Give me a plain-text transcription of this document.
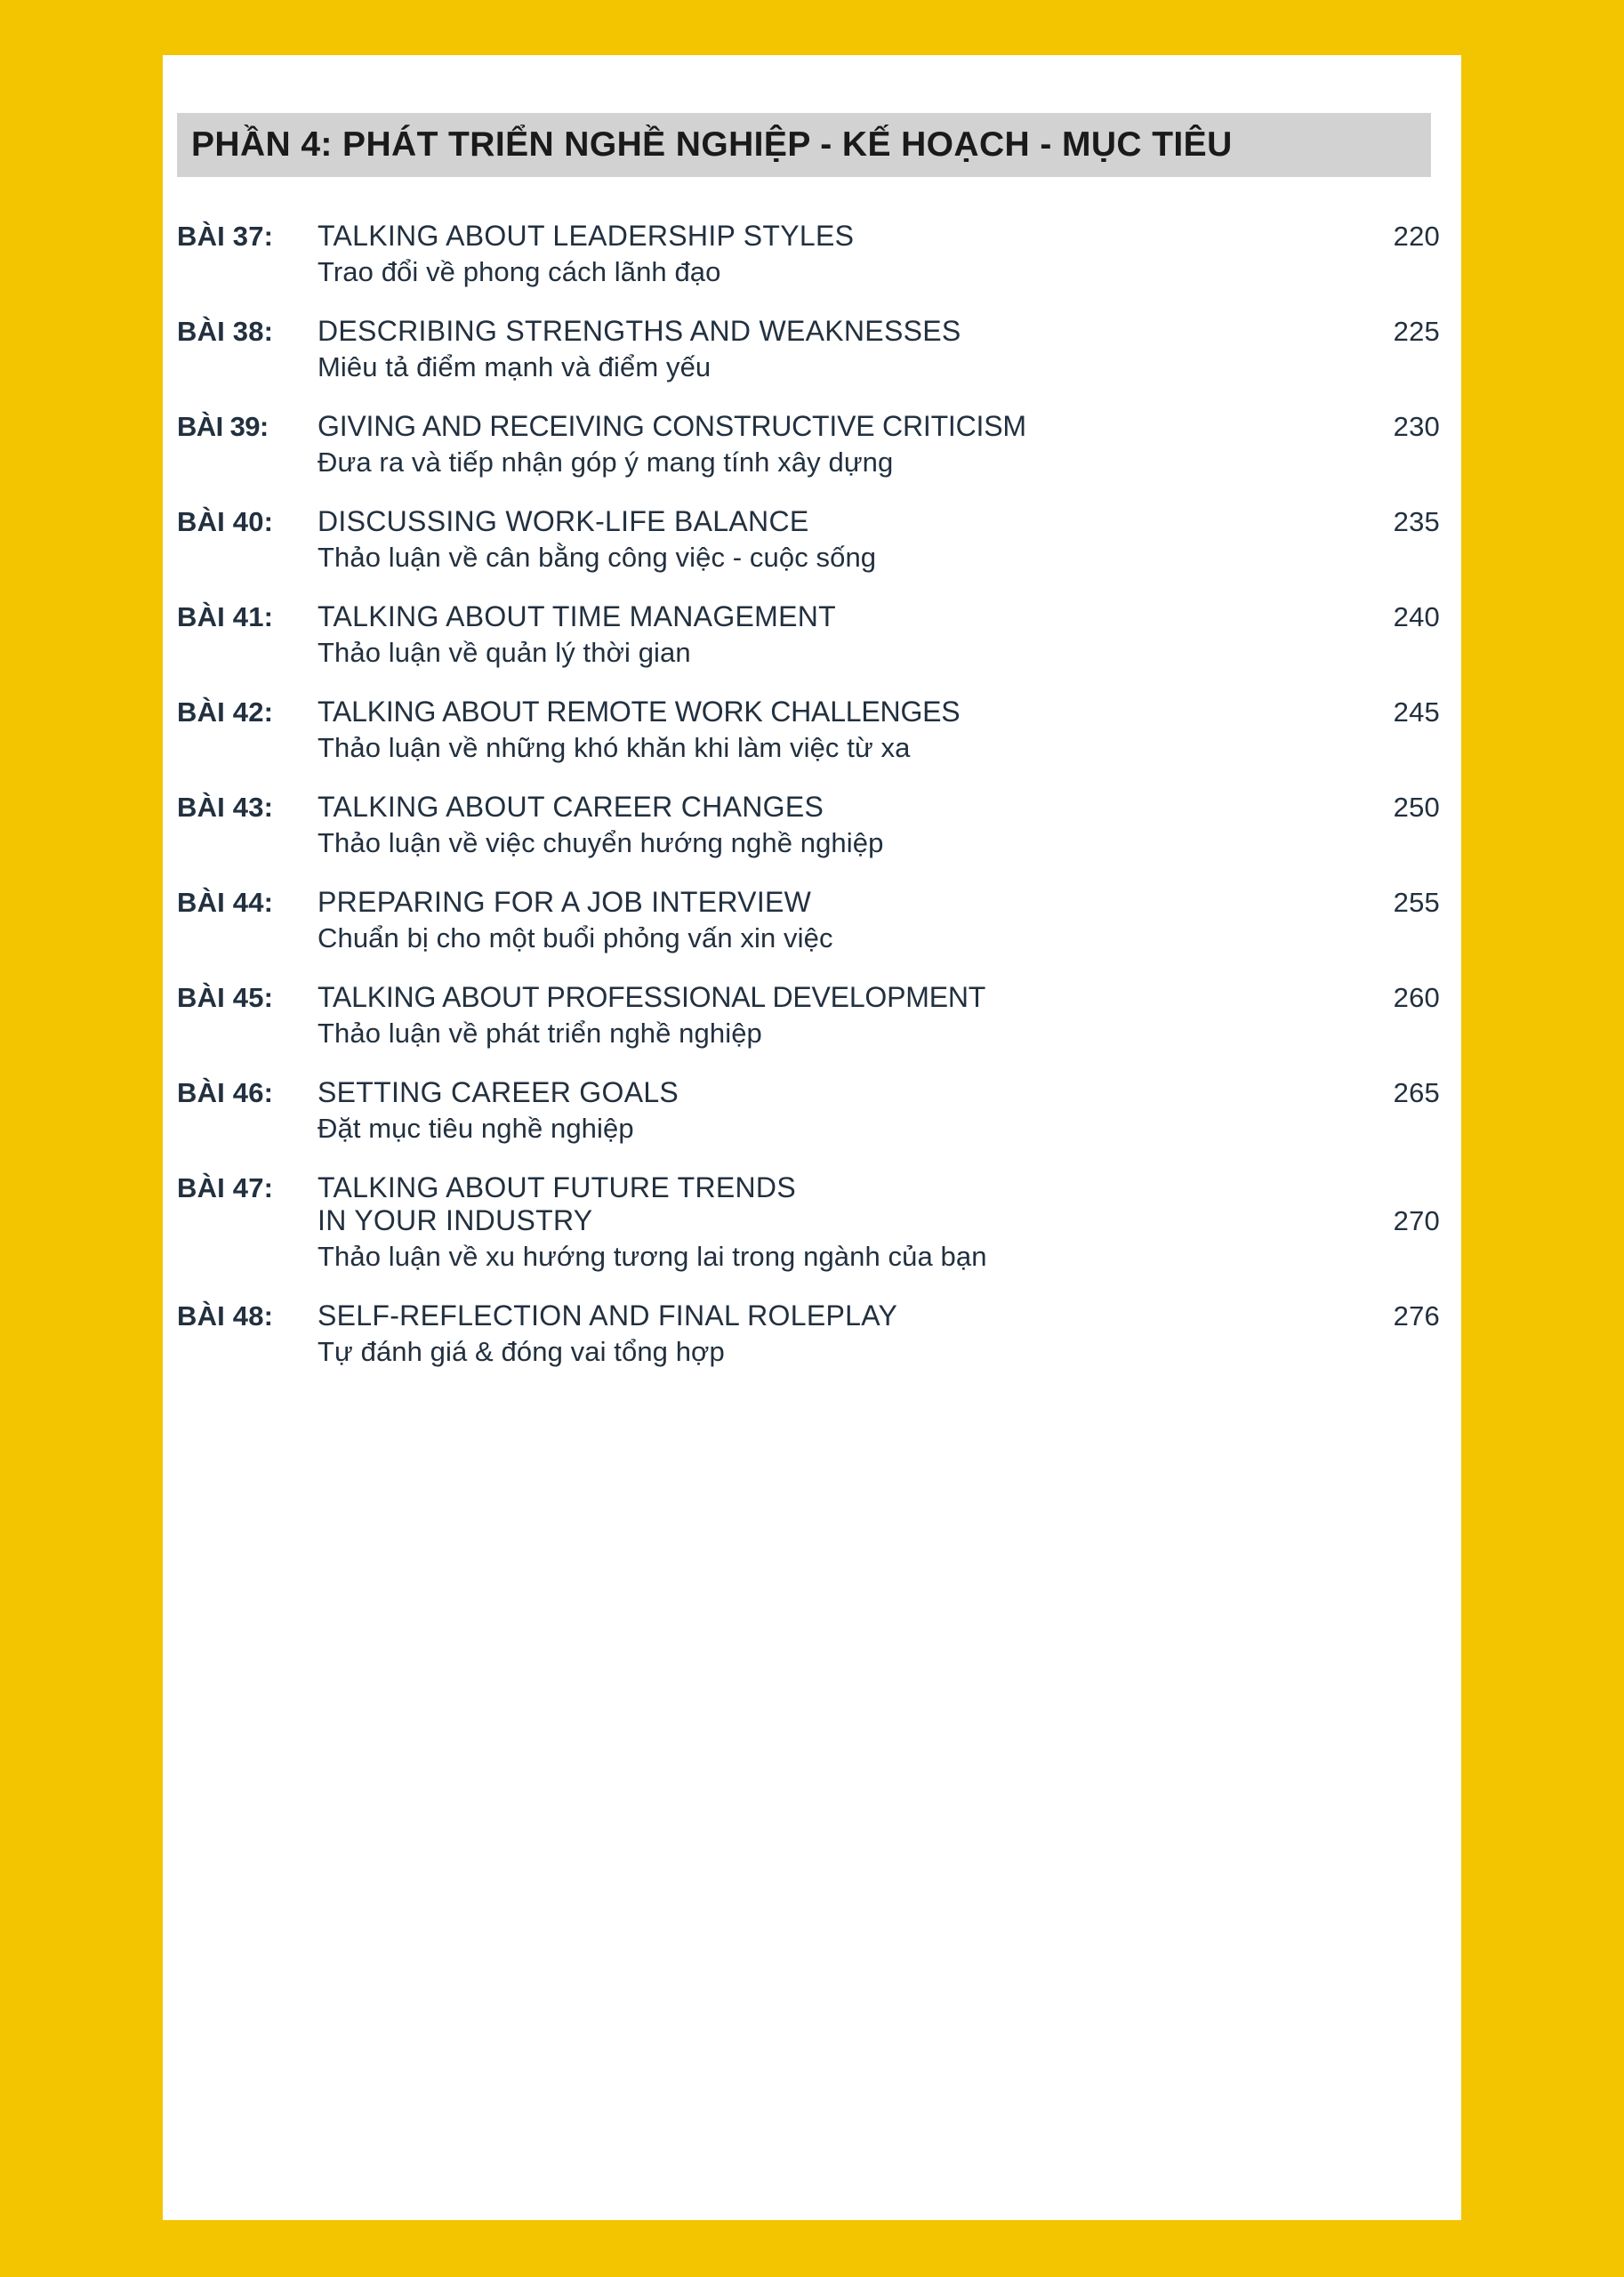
PHẦN 4: PHÁT TRIỂN NGHỀ NGHIỆP - KẾ HOẠCH - MỤC TIÊU
BÀI 37:	TALKING ABOUT LEADERSHIP STYLES	220
Trao đổi về phong cách lãnh đạo
BÀI 38:	DESCRIBING STRENGTHS AND WEAKNESSES	225
Miêu tả điểm mạnh và điểm yếu
BÀI 39:	GIVING AND RECEIVING CONSTRUCTIVE CRITICISM	230
Đưa ra và tiếp nhận góp ý mang tính xây dựng
BÀI 40:	DISCUSSING WORK-LIFE BALANCE	235
Thảo luận về cân bằng công việc - cuộc sống
BÀI 41:	TALKING ABOUT TIME MANAGEMENT	240
Thảo luận về quản lý thời gian
BÀI 42:	TALKING ABOUT REMOTE WORK CHALLENGES	245
Thảo luận về những khó khăn khi làm việc từ xa
BÀI 43:	TALKING ABOUT CAREER CHANGES	250
Thảo luận về việc chuyển hướng nghề nghiệp
BÀI 44:	PREPARING FOR A JOB INTERVIEW	255
Chuẩn bị cho một buổi phỏng vấn xin việc
BÀI 45:	TALKING ABOUT PROFESSIONAL DEVELOPMENT	260
Thảo luận về phát triển nghề nghiệp
BÀI 46:	SETTING CAREER GOALS	265
Đặt mục tiêu nghề nghiệp
BÀI 47:	TALKING ABOUT FUTURE TRENDS
IN YOUR INDUSTRY	270
Thảo luận về xu hướng tương lai trong ngành của bạn
BÀI 48:	SELF-REFLECTION AND FINAL ROLEPLAY	276
Tự đánh giá & đóng vai tổng hợp
